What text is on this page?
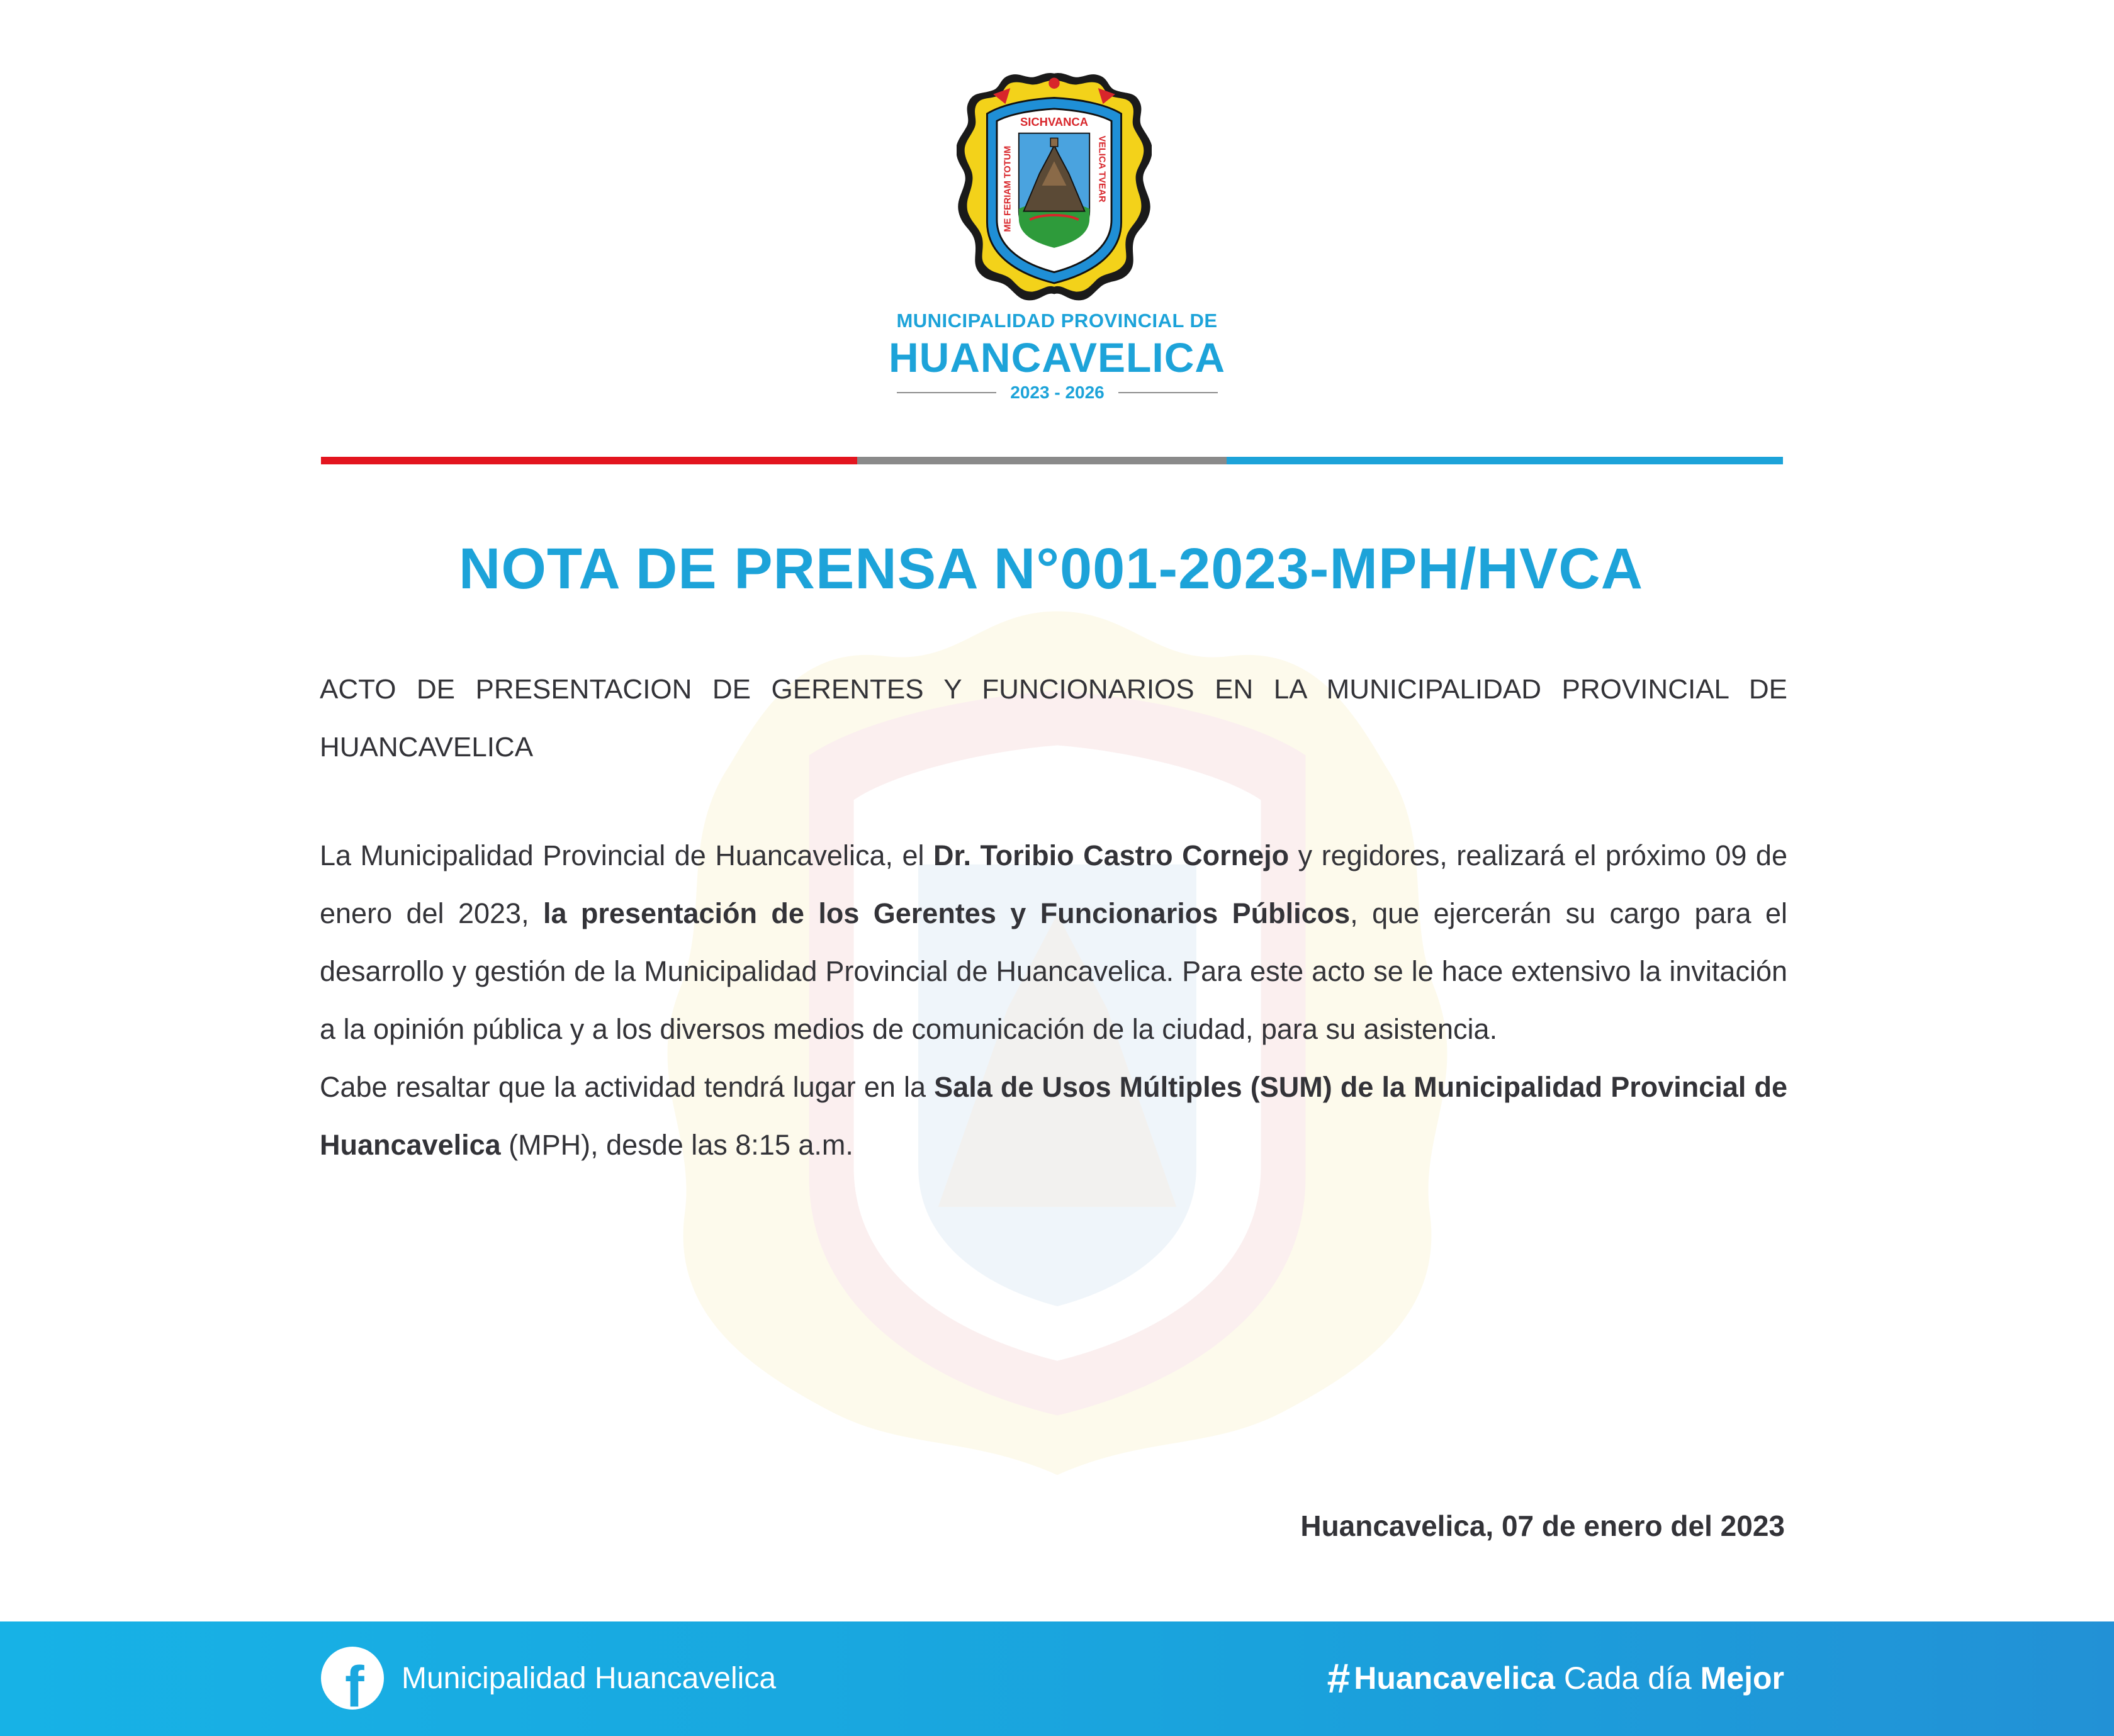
SICHVANCA
ME FERIAM TOTUM	VELICA TVEAR
MUNICIPALIDAD PROVINCIAL DE
HUANCAVELICA
2023 - 2026
NOTA DE PRENSA N°001-2023-MPH/HVCA
ACTO DE PRESENTACION DE GERENTES Y FUNCIONARIOS EN LA MUNICIPALIDAD PROVINCIAL DE HUANCAVELICA

La Municipalidad Provincial de Huancavelica, el Dr. Toribio Castro Cornejo y regidores, realizará el próximo 09 de enero del 2023, la presentación de los Gerentes y Funcionarios Públicos, que ejercerán su cargo para el desarrollo y gestión de la Municipalidad Provincial de Huancavelica. Para este acto se le hace extensivo la invitación a la opinión pública y a los diversos medios de comunicación de la ciudad, para su asistencia.

Cabe resaltar que la actividad tendrá lugar en la Sala de Usos Múltiples (SUM) de la Municipalidad Provincial de Huancavelica (MPH), desde las 8:15 a.m.

Huancavelica, 07 de enero del 2023
f Municipalidad Huancavelica	# Huancavelica Cada día Mejor
